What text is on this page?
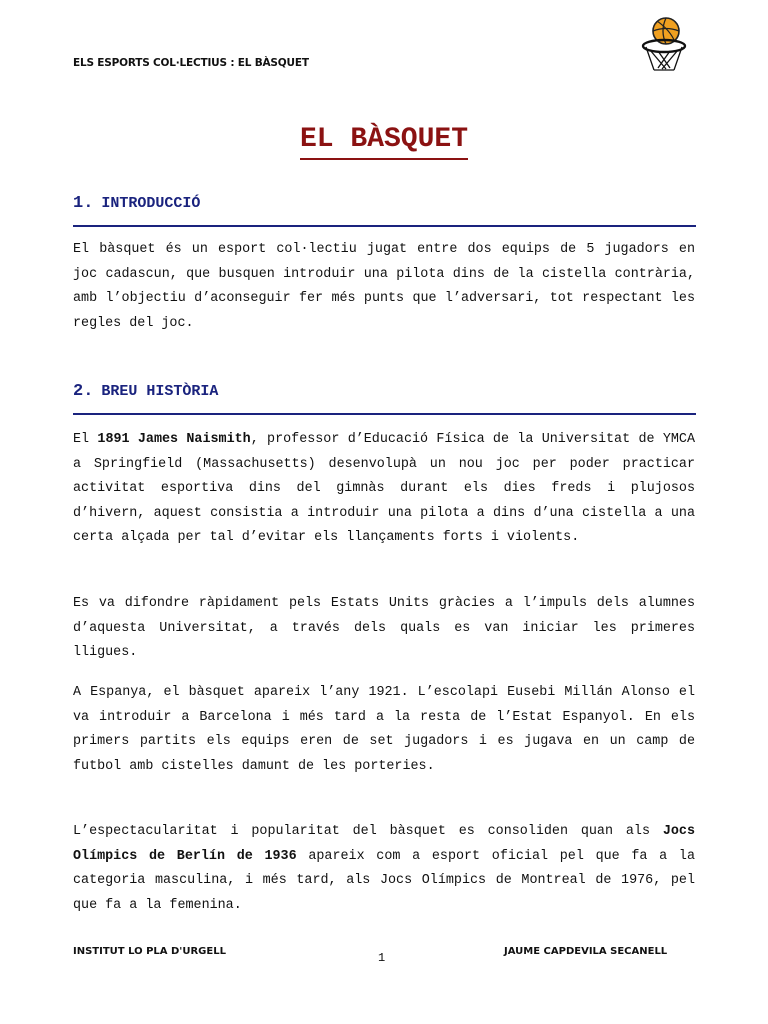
ELS ESPORTS COL·LECTIUS : EL BÀSQUET
EL BÀSQUET
1. INTRODUCCIÓ

El bàsquet és un esport col·lectiu jugat entre dos equips de 5 jugadors en joc cadascun, que busquen introduir una pilota dins de la cistella contrària, amb l’objectiu d’aconseguir fer més punts que l’adversari, tot respectant les regles del joc.

2. BREU HISTÒRIA

El 1891 James Naismith, professor d’Educació Física de la Universitat de YMCA a Springfield (Massachusetts) desenvolupà un nou joc per poder practicar activitat esportiva dins del gimnàs durant els dies freds i plujosos d’hivern, aquest consistia a introduir una pilota a dins d’una cistella a una certa alçada per tal d’evitar els llançaments forts i violents.

Es va difondre ràpidament pels Estats Units gràcies a l’impuls dels alumnes d’aquesta Universitat, a través dels quals es van iniciar les primeres lligues.

A Espanya, el bàsquet apareix l’any 1921. L’escolapi Eusebi Millán Alonso el va introduir a Barcelona i més tard a la resta de l’Estat Espanyol. En els primers partits els equips eren de set jugadors i es jugava en un camp de futbol amb cistelles damunt de les porteries.

L’espectacularitat i popularitat del bàsquet es consoliden quan als Jocs Olímpics de Berlín de 1936 apareix com a esport oficial pel que fa a la categoria masculina, i més tard, als Jocs Olímpics de Montreal de 1976, pel que fa a la femenina.

INSTITUT LO PLA D'URGELL	1	JAUME CAPDEVILA SECANELL
